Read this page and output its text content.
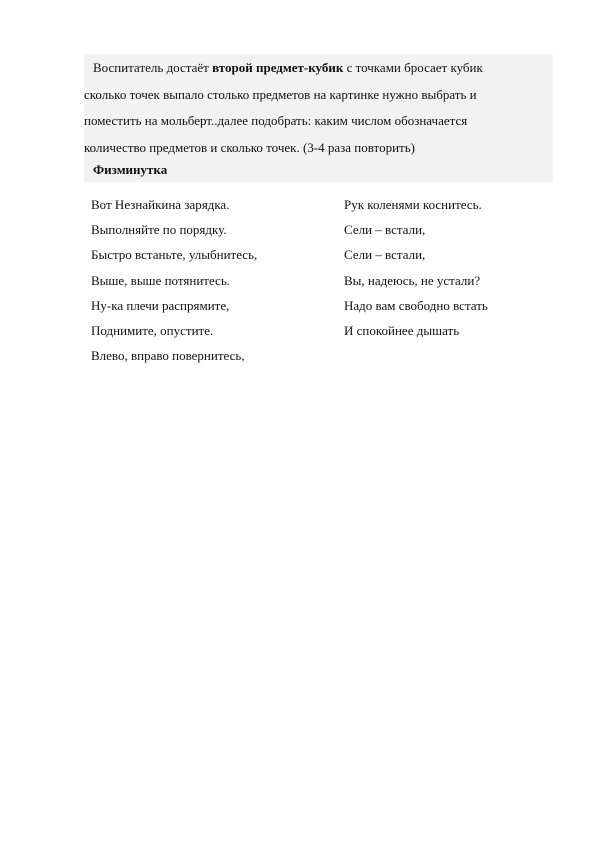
Воспитатель достаёт второй предмет-кубик с точками бросает кубик

сколько точек выпало столько предметов на картинке нужно выбрать и

поместить на мольберт..далее подобрать: каким числом обозначается

количество предметов и сколько точек. (3-4 раза повторить)

Физминутка

Вот Незнайкина зарядка.

Выполняйте по порядку.

Быстро встаньте, улыбнитесь,

Выше, выше потянитесь.

Ну-ка плечи распрямите,

Поднимите, опустите.

Влево, вправо повернитесь,

Рук коленями коснитесь.

Сели – встали,

Сели – встали,

Вы, надеюсь, не устали?

Надо вам свободно встать

И спокойнее дышать
